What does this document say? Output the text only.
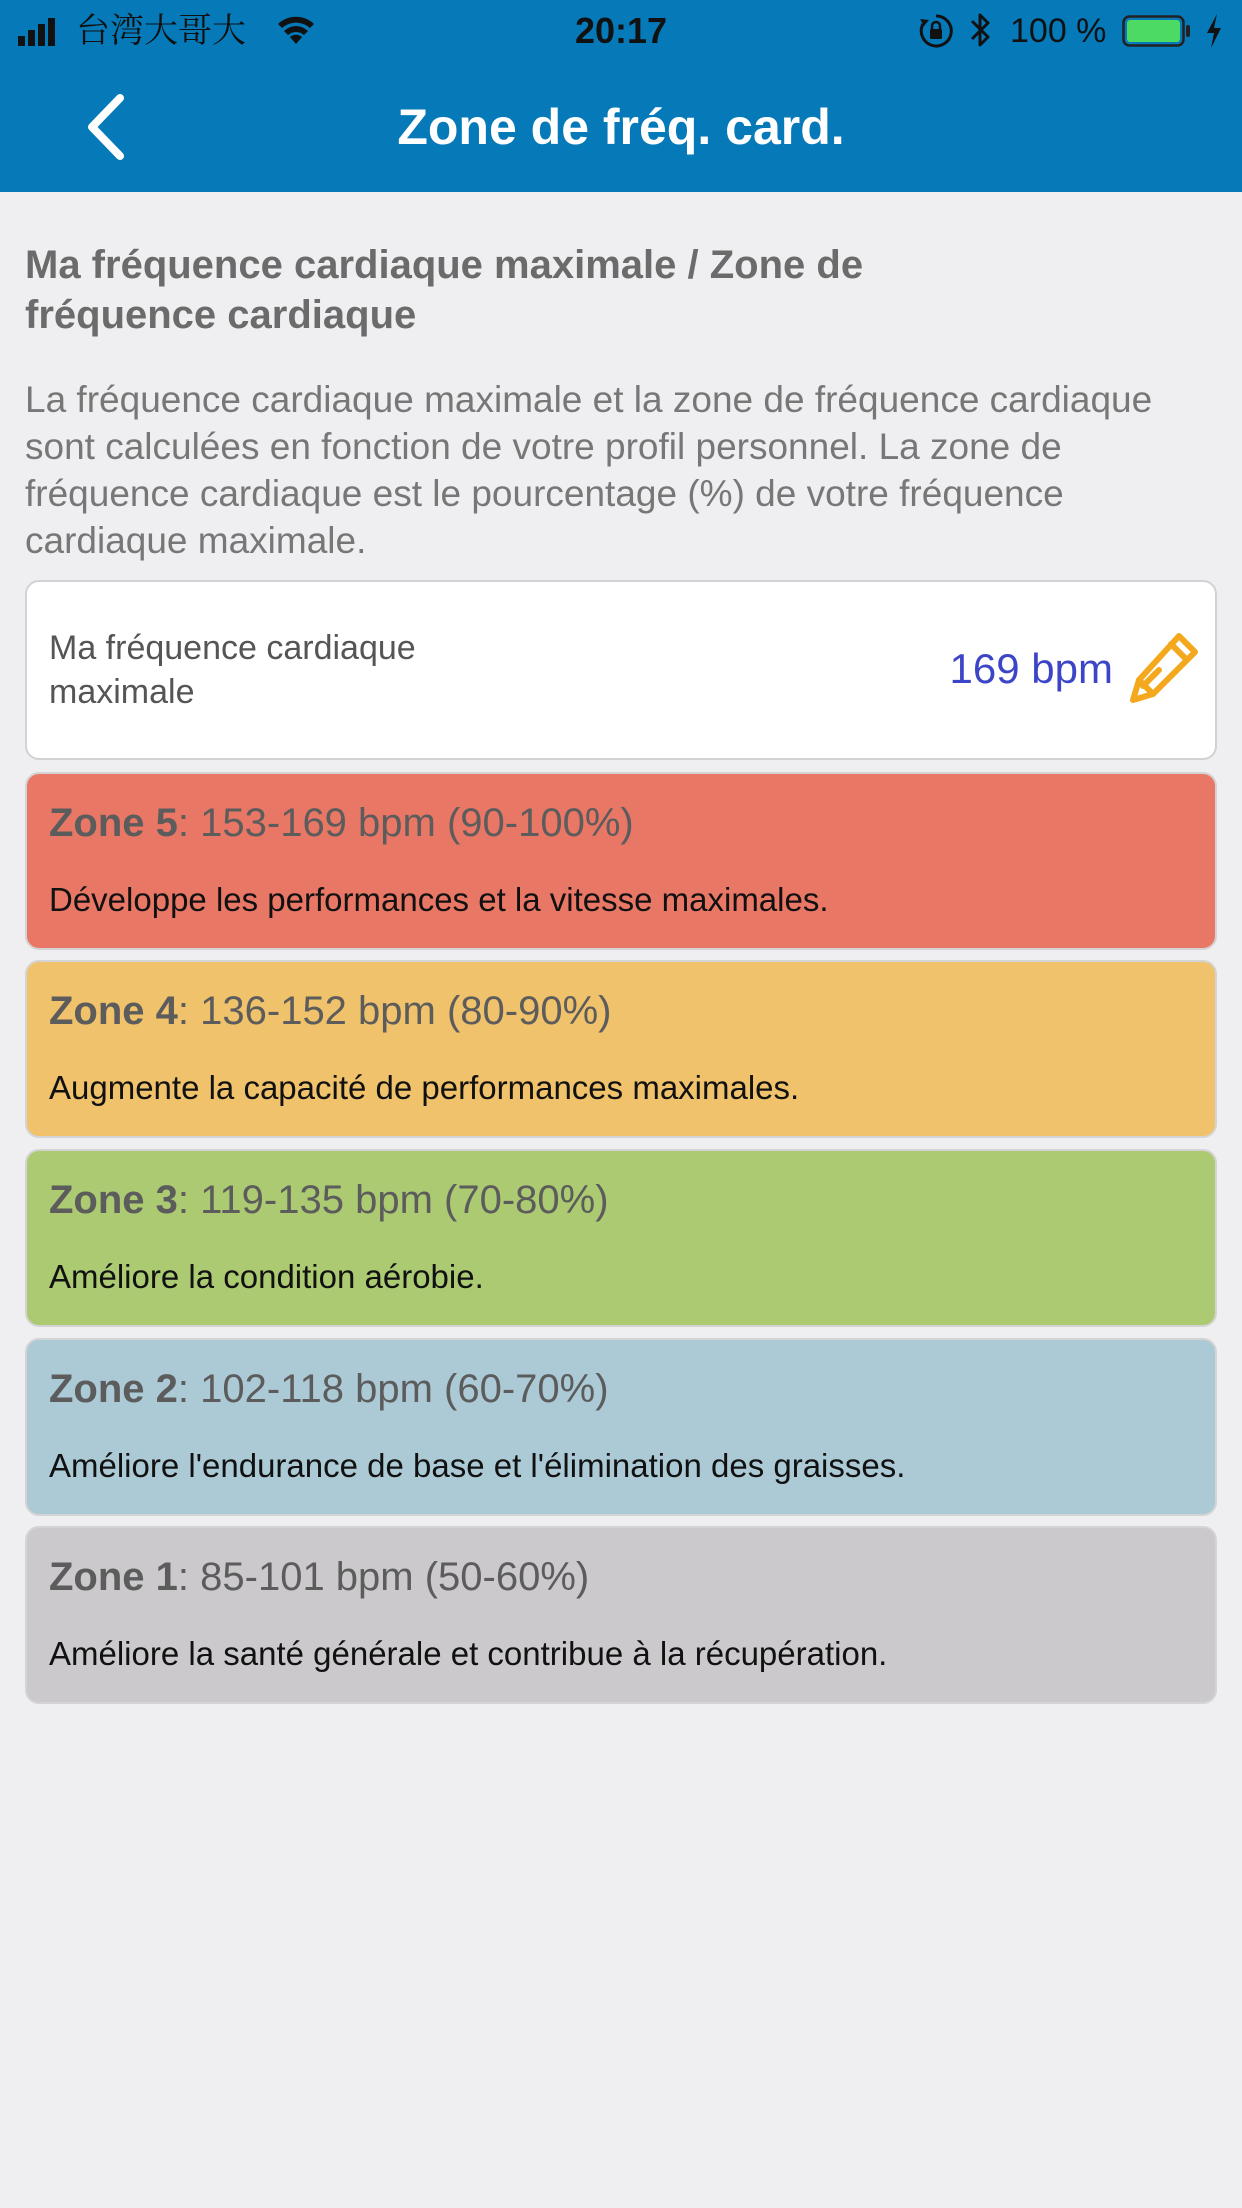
台湾大哥大	20:17	100 %
Zone de fréq. card.
Ma fréquence cardiaque maximale / Zone de fréquence cardiaque
La fréquence cardiaque maximale et la zone de fréquence cardiaque sont calculées en fonction de votre profil personnel. La zone de fréquence cardiaque est le pourcentage (%) de votre fréquence cardiaque maximale.
Ma fréquence cardiaque maximale	169 bpm
Zone 5: 153-169 bpm (90-100%)
Développe les performances et la vitesse maximales.
Zone 4: 136-152 bpm (80-90%)
Augmente la capacité de performances maximales.
Zone 3: 119-135 bpm (70-80%)
Améliore la condition aérobie.
Zone 2: 102-118 bpm (60-70%)
Améliore l'endurance de base et l'élimination des graisses.
Zone 1: 85-101 bpm (50-60%)
Améliore la santé générale et contribue à la récupération.
